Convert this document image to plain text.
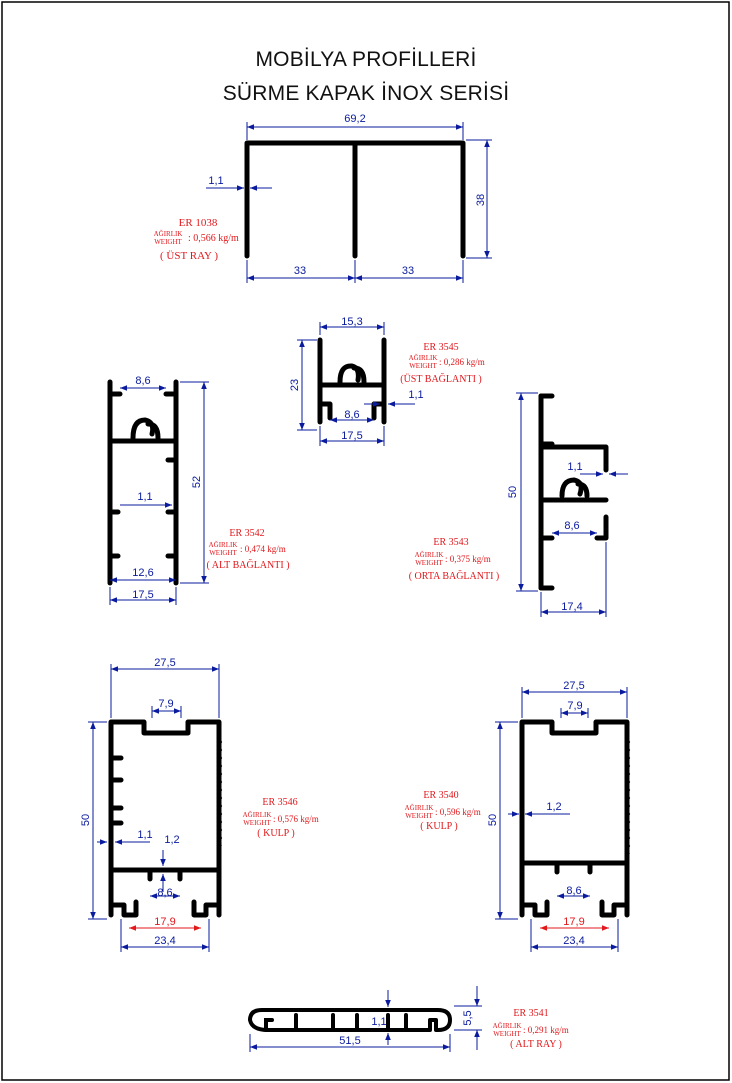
MOBİLYA PROFİLLERİ
SÜRME KAPAK İNOX SERİSİ
69,2
38
33	33
1,1
ER 1038
AĞIRLIK
WEIGHT : 0,566 kg/m
( ÜST RAY )
15,3
23
8,6
1,1
17,5
ER 3545
AĞIRLIK
WEIGHT : 0,286 kg/m
(ÜST BAĞLANTI )
8,6
52
1,1
12,6
17,5
ER 3542
AĞIRLIK
WEIGHT : 0,474 kg/m
( ALT BAĞLANTI )
50
1,1
8,6
17,4
ER 3543
AĞIRLIK
WEIGHT : 0,375 kg/m
( ORTA BAĞLANTI )
27,5
7,9
50
1,1 1,2
8,6
17,9
23,4
ER 3546
AĞIRLIK
WEIGHT : 0,576 kg/m
( KULP )
27,5
7,9
50
1,2
8,6
17,9
23,4
ER 3540
AĞIRLIK
WEIGHT : 0,596 kg/m
( KULP )
51,5
5,5
1,1
ER 3541
AĞIRLIK
WEIGHT : 0,291 kg/m
( ALT RAY )
